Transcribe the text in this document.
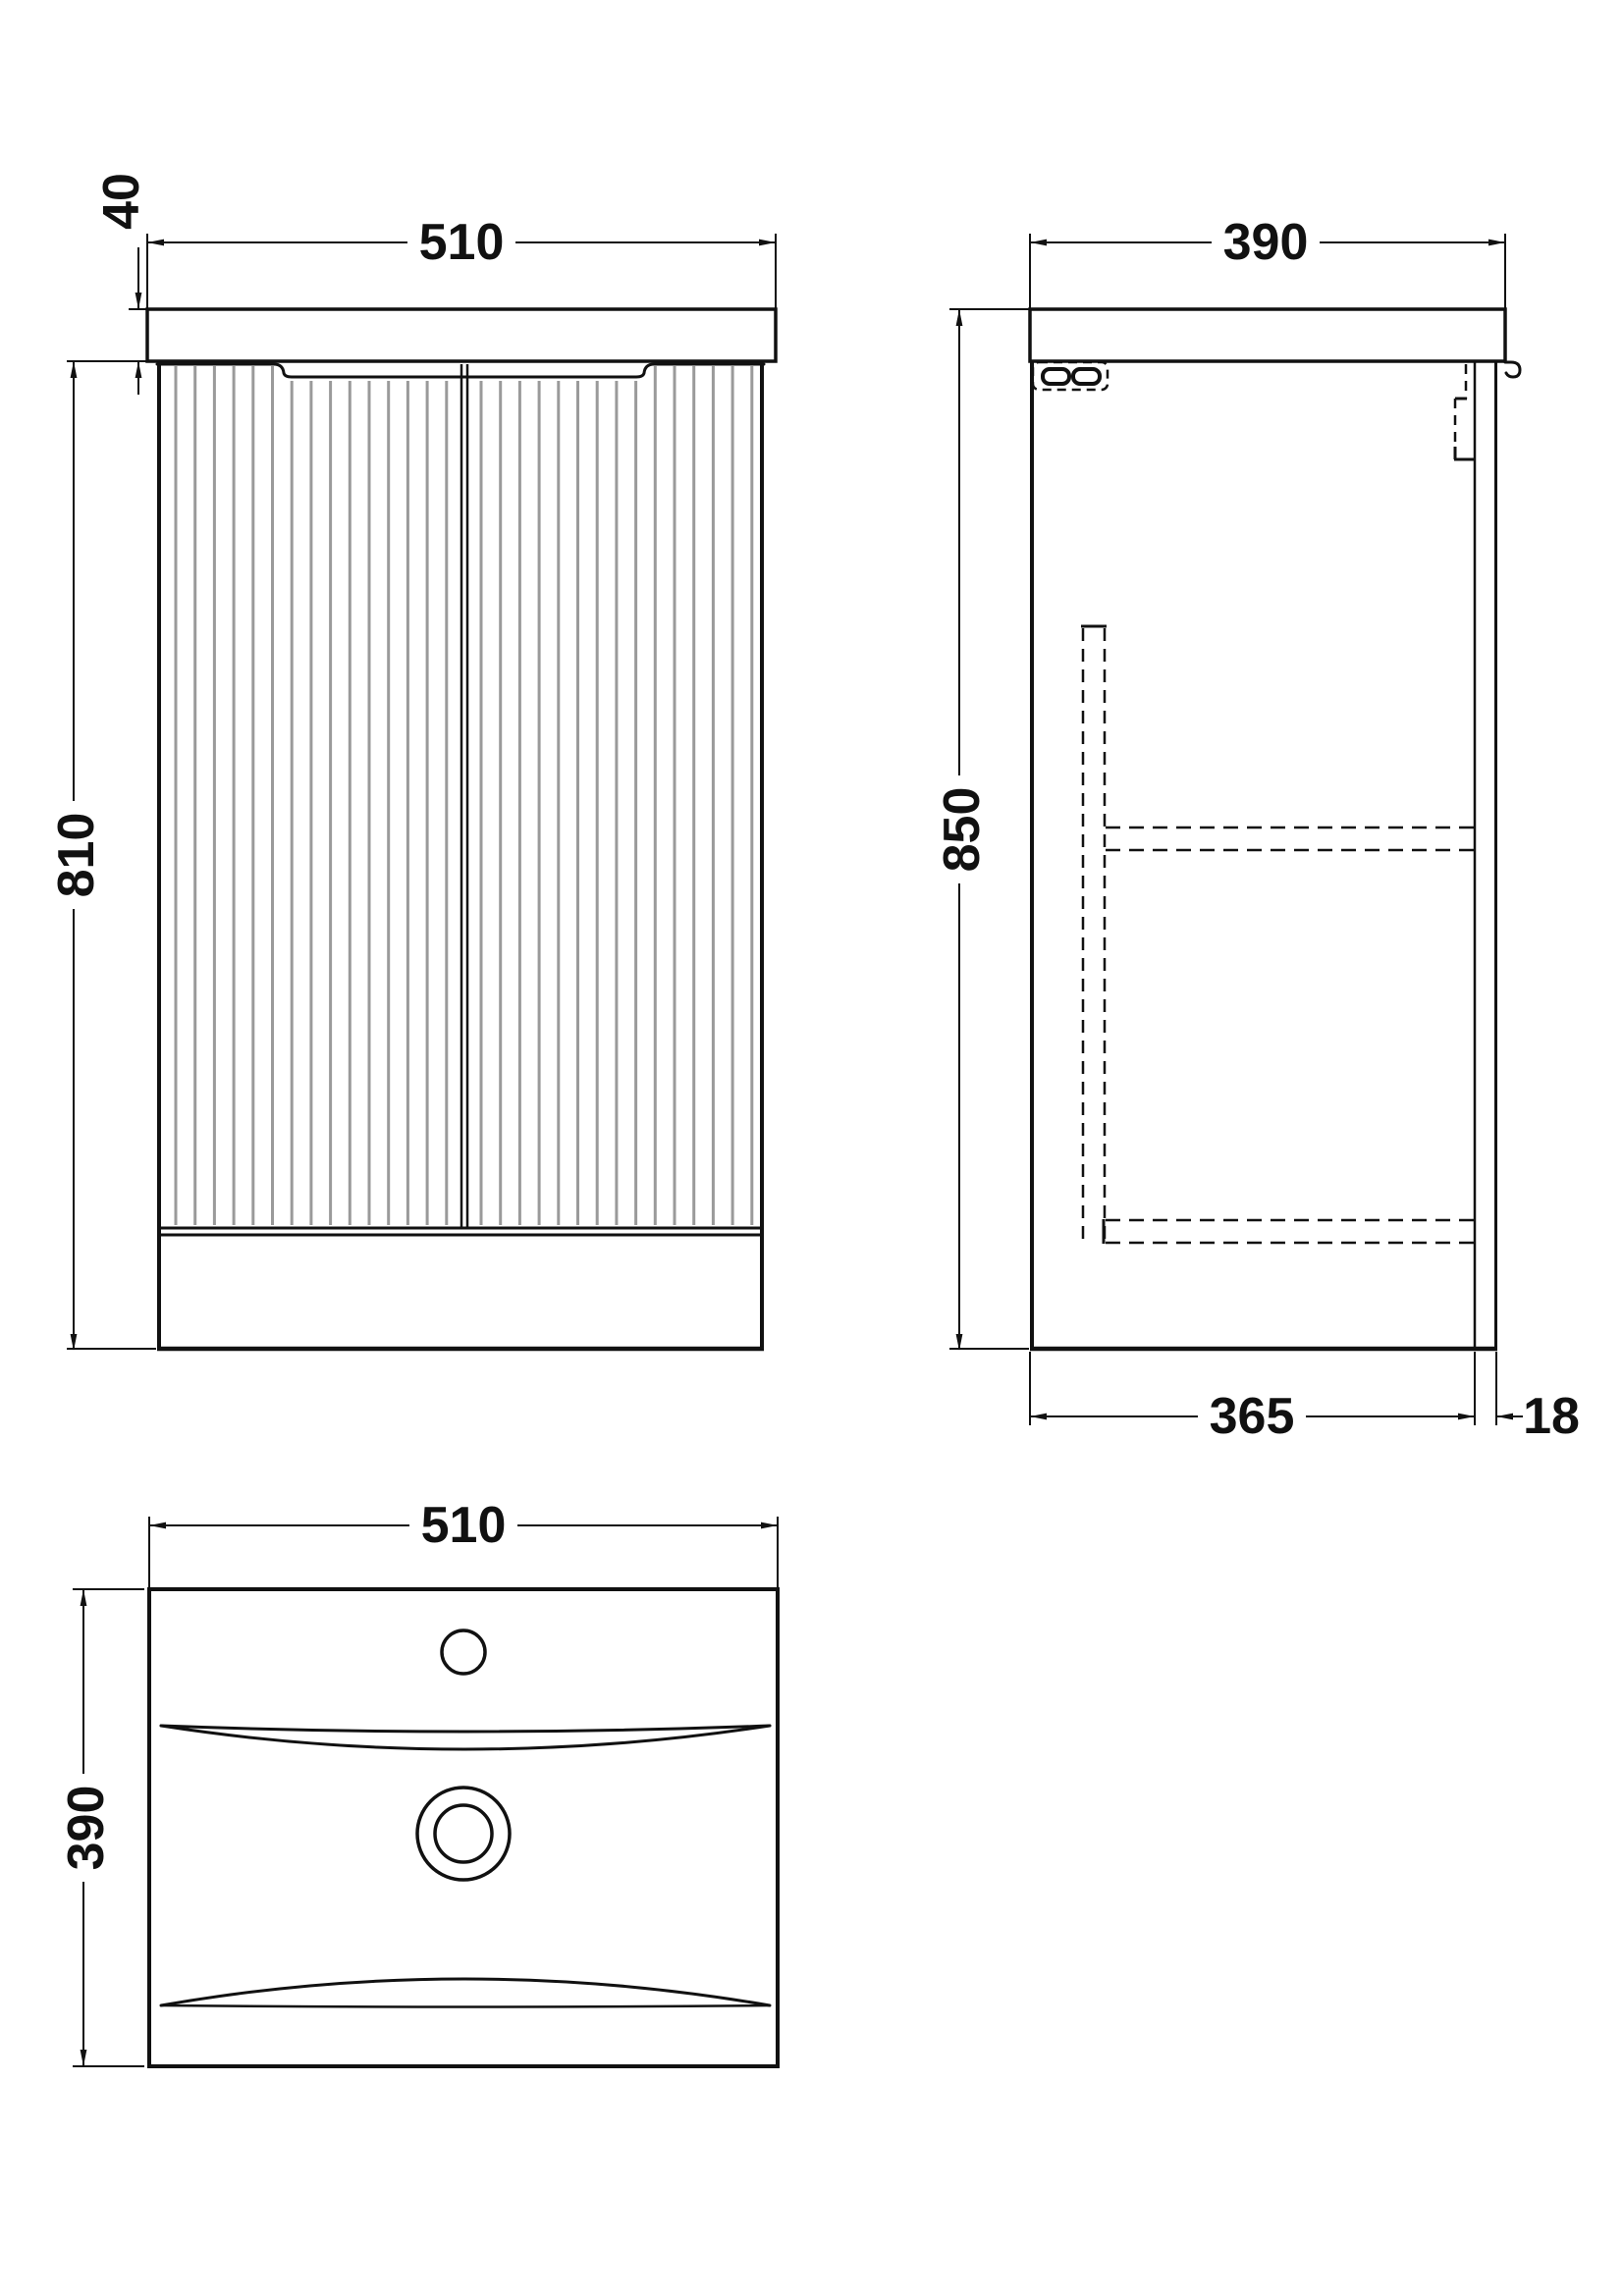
510
40
810
390
850
365	18
510
390
